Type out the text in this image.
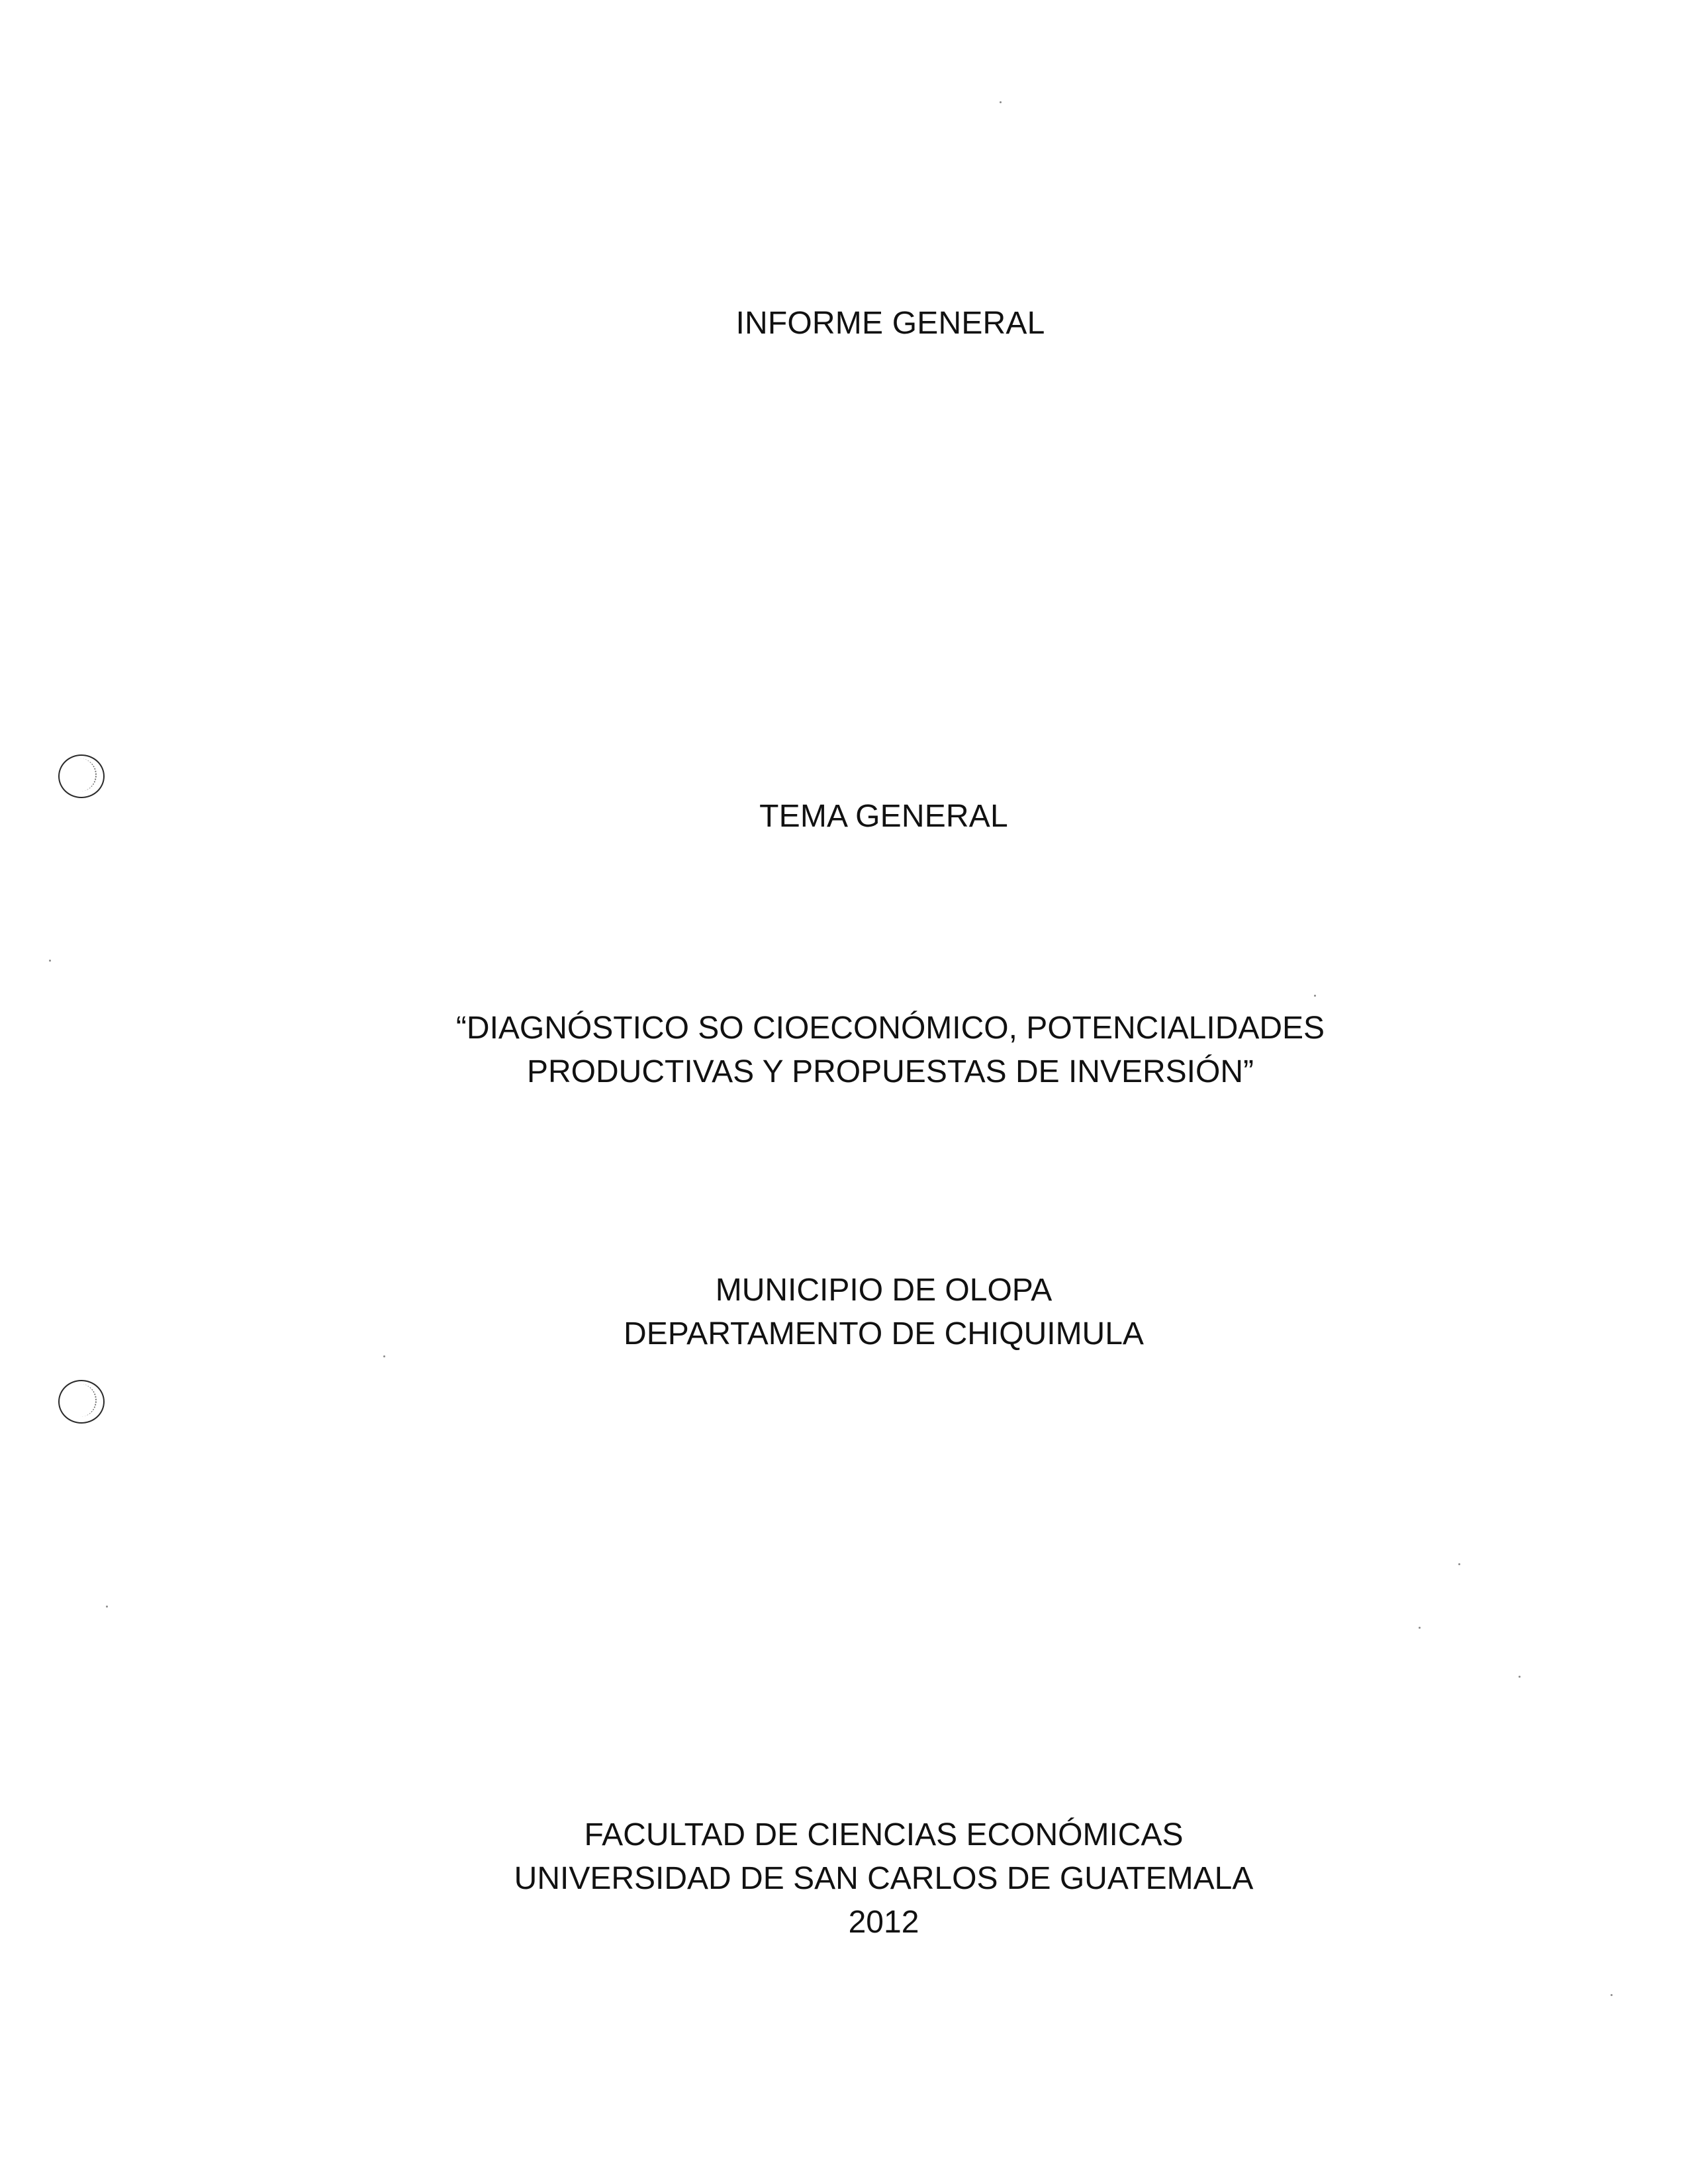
INFORME GENERAL
TEMA GENERAL
“DIAGNÓSTICO SO CIOECONÓMICO, POTENCIALIDADES
PRODUCTIVAS Y PROPUESTAS DE INVERSIÓN”
MUNICIPIO DE OLOPA
DEPARTAMENTO DE CHIQUIMULA
FACULTAD DE CIENCIAS ECONÓMICAS
UNIVERSIDAD DE SAN CARLOS DE GUATEMALA
2012
